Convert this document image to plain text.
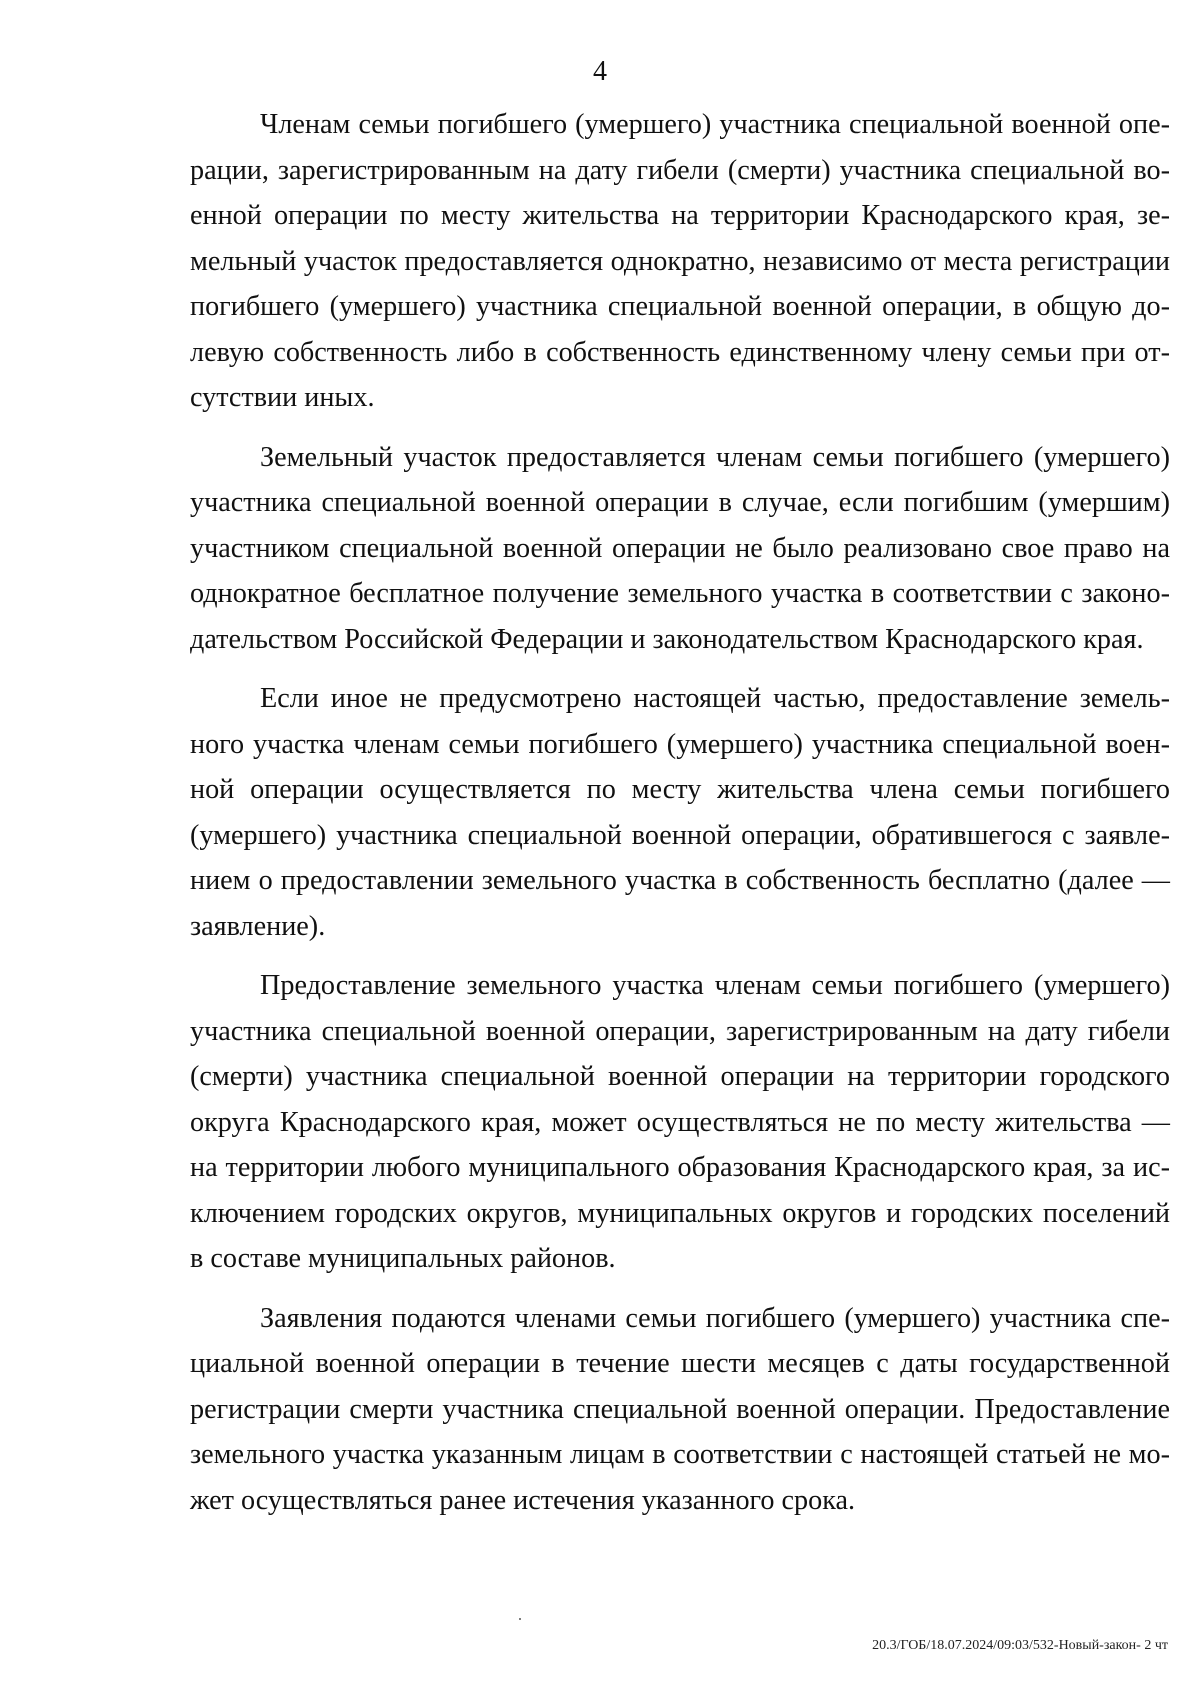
4

Членам семьи погибшего (умершего) участника специальной военной операции, зарегистрированным на дату гибели (смерти) участника специальной военной операции по месту жительства на территории Краснодарского края, земельный участок предоставляется однократно, независимо от места регистрации погибшего (умершего) участника специальной военной операции, в общую долевую собственность либо в собственность единственному члену семьи при отсутствии иных.

Земельный участок предоставляется членам семьи погибшего (умершего) участника специальной военной операции в случае, если погибшим (умершим) участником специальной военной операции не было реализовано свое право на однократное бесплатное получение земельного участка в соответствии с законодательством Российской Федерации и законодательством Краснодарского края.

Если иное не предусмотрено настоящей частью, предоставление земельного участка членам семьи погибшего (умершего) участника специальной военной операции осуществляется по месту жительства члена семьи погибшего (умершего) участника специальной военной операции, обратившегося с заявлением о предоставлении земельного участка в собственность бесплатно (далее — заявление).

Предоставление земельного участка членам семьи погибшего (умершего) участника специальной военной операции, зарегистрированным на дату гибели (смерти) участника специальной военной операции на территории городского округа Краснодарского края, может осуществляться не по месту жительства — на территории любого муниципального образования Краснодарского края, за исключением городских округов, муниципальных округов и городских поселений в составе муниципальных районов.

Заявления подаются членами семьи погибшего (умершего) участника специальной военной операции в течение шести месяцев с даты государственной регистрации смерти участника специальной военной операции. Предоставление земельного участка указанным лицам в соответствии с настоящей статьей не может осуществляться ранее истечения указанного срока.

20.3/ГОБ/18.07.2024/09:03/532-Новый-закон- 2 чт
